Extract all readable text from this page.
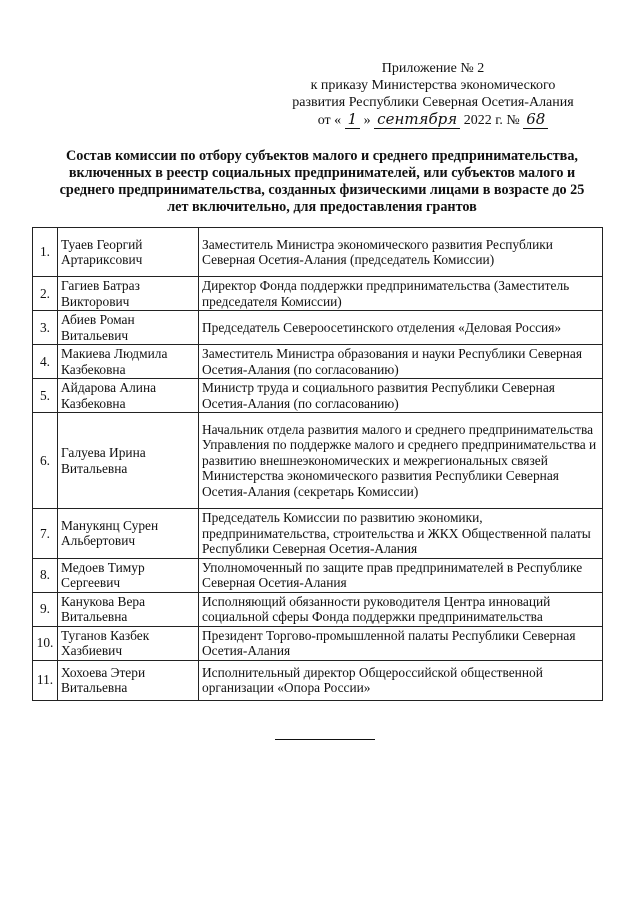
Приложение № 2
к приказу Министерства экономического
развития Республики Северная Осетия-Алания
от « 1 » сентября 2022 г. № 68
Состав комиссии по отбору субъектов малого и среднего предпринимательства, включенных в реестр социальных предпринимателей, или субъектов малого и среднего предпринимательства, созданных физическими лицами в возрасте до 25 лет включительно, для предоставления грантов
1.	Туаев Георгий Артарикcович	Заместитель Министра экономического развития Республики Северная Осетия-Алания (председатель Комиссии)
2.	Гагиев Батраз Викторович	Директор Фонда поддержки предпринимательства (Заместитель председателя Комиссии)
3.	Абиев Роман Витальевич	Председатель Североосетинского отделения «Деловая Россия»
4.	Макиева Людмила Казбековна	Заместитель Министра образования и науки Республики Северная Осетия-Алания (по согласованию)
5.	Айдарова Алина Казбековна	Министр труда и социального развития Республики Северная Осетия-Алания (по согласованию)
6.	Галуева Ирина Витальевна	Начальник отдела развития малого и среднего предпринимательства Управления по поддержке малого и среднего предпринимательства и развитию внешнеэкономических и межрегиональных связей Министерства экономического развития Республики Северная Осетия-Алания (секретарь Комиссии)
7.	Манукянц Сурен Альбертович	Председатель Комиссии по развитию экономики, предпринимательства, строительства и ЖКХ Общественной палаты Республики Северная Осетия-Алания
8.	Медоев Тимур Сергеевич	Уполномоченный по защите прав предпринимателей в Республике Северная Осетия-Алания
9.	Канукова Вера Витальевна	Исполняющий обязанности руководителя Центра инноваций социальной сферы Фонда поддержки предпринимательства
10.	Туганов Казбек Хазбиевич	Президент Торгово-промышленной палаты Республики Северная Осетия-Алания
11.	Хохоева Этери Витальевна	Исполнительный директор Общероссийской общественной организации «Опора России»
